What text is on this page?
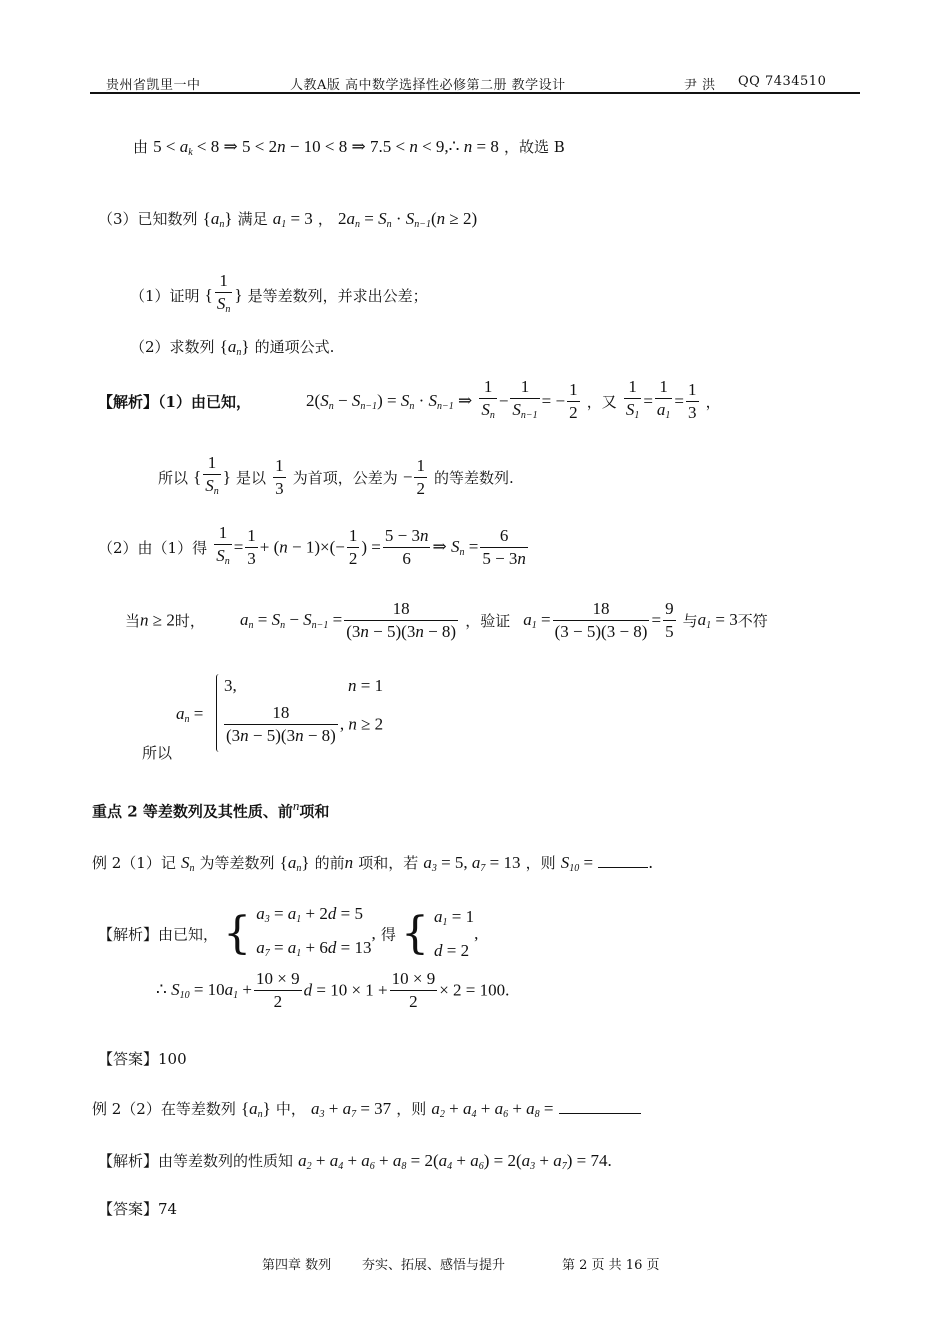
贵州省凯里一中	人教A版 高中数学选择性必修第二册 教学设计	尹 洪 QQ 7434510
由 $5 < a_k < 8$ ⇒ 5 < 2n − 10 < 8 ⇒ 7.5 < n < 9,∴ n = 8 ，故选 B
（3）已知数列 $\{a_n\}$ 满足 $a_1 = 3$ ， $2a_n = S_n \cdot S_{n-1}(n \ge 2)$
（1）证明 { $\frac{1}{S_n}$ } 是等差数列，并求出公差；
（2）求数列 $\{a_n\}$ 的通项公式.
【解析】（1）由已知，	$2(S_n - S_{n-1}) = S_n \cdot S_{n-1}$ ⇒ $\frac{1}{S_n} - \frac{1}{S_{n-1}}$ = − $\frac{1}{2}$ ，又 $\frac{1}{S_1} = \frac{1}{a_1} = \frac{1}{3}$ ，
所以 { $\frac{1}{S_n}$ } 是以 $\frac{1}{3}$ 为首项，公差为 − $\frac{1}{2}$ 的等差数列.
（2）由（1）得 $\frac{1}{S_n} = \frac{1}{3} + (n - 1)\times(- \frac{1}{2}$ ) = $\frac{5 - 3n}{6}$ ⇒ $S_n = \frac{6}{5 - 3n}$
当n ≥ 2时， $a_n = S_n - S_{n-1} = \frac{18}{(3n - 5)(3n - 8)}$ ，验证 $a_1 = \frac{18}{(3 - 5)(3 - 8)} = \frac{9}{5}$ 与$a_1 = 3$不符
所以
$a_n$ =
3,	n = 1
$\frac{18}{(3n - 5)(3n - 8)}$ , n ≥ 2
重点 2 等差数列及其性质、前$^n$项和
例 2（1）记 $S_n$ 为等差数列 $\{a_n\}$ 的前n 项和，若 $a_3 = 5$, $a_7 = 13$ ，则 $S_{10}$ =	.
【解析】由已知， { $a_3 = a_1 + 2d = 5$
$a_7 = a_1 + 6d = 13$
, 得 { $a_1 = 1$
d = 2
,
∴ $S_{10} = 10a_1 + \frac{10 \times 9}{2}$ $d = 10 \times 1 + \frac{10 \times 9}{2} \times 2 = 100$.
【答案】100
例 2（2）在等差数列 $\{a_n\}$ 中， $a_3 + a_7 = 37$ ，则 $a_2 + a_4 + a_6 + a_8$ =
【解析】由等差数列的性质知 $a_2 + a_4 + a_6 + a_8 = 2(a_4 + a_6) = 2(a_3 + a_7) = 74$.
【答案】74
第四章 数列 夯实、拓展、感悟与提升	第 2 页 共 16 页
